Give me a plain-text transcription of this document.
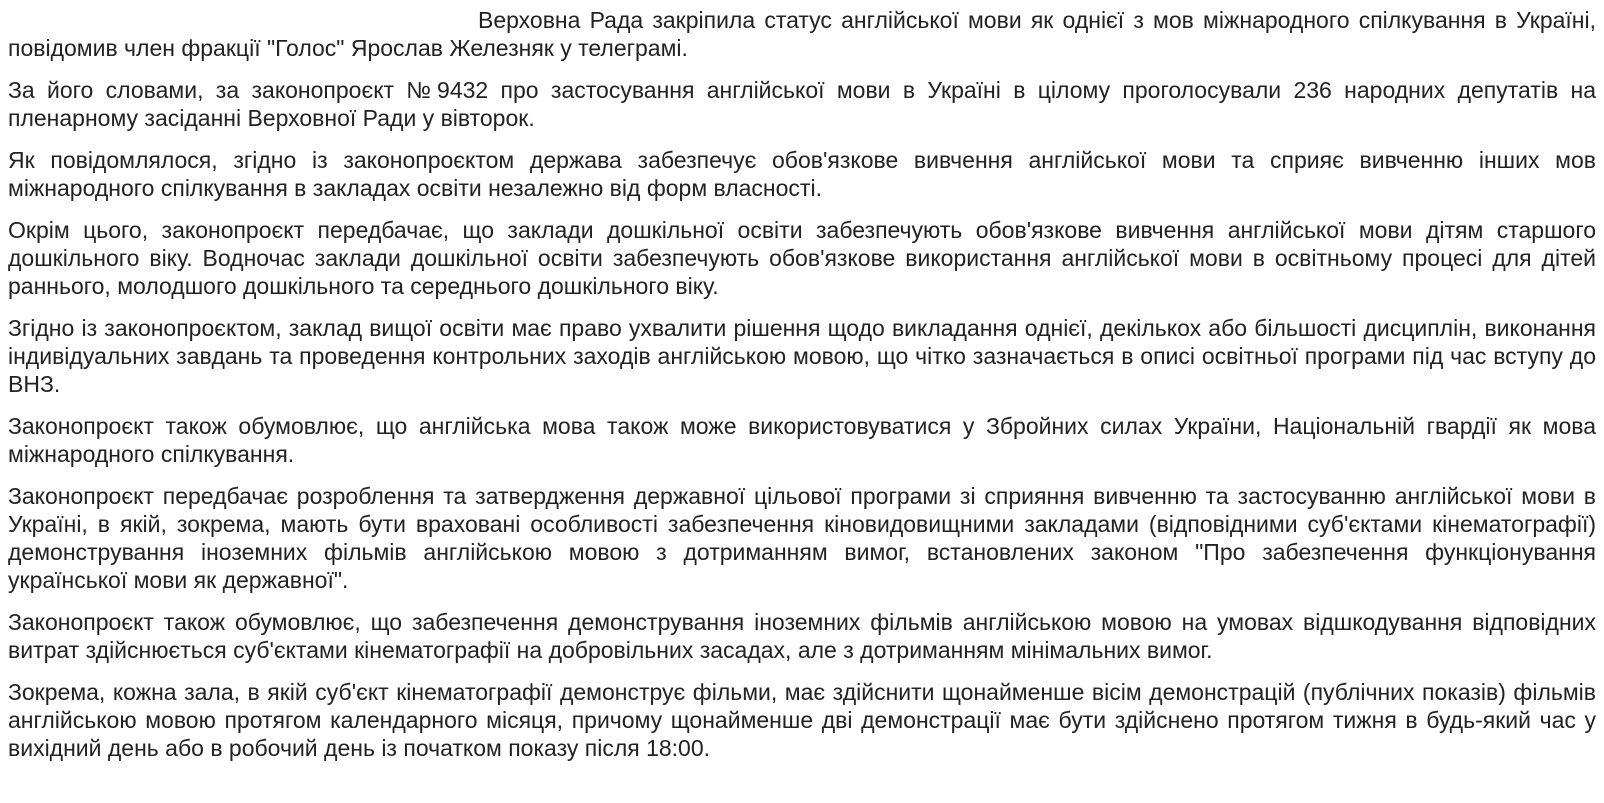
Верховна Рада закріпила статус англійської мови як однієї з мов міжнародного спілкування в Україні, повідомив член фракції "Голос" Ярослав Железняк у телеграмі.

За його словами, за законопроєкт №9432 про застосування англійської мови в Україні в цілому проголосували 236 народних депутатів на пленарному засіданні Верховної Ради у вівторок.

Як повідомлялося, згідно із законопроєктом держава забезпечує обов'язкове вивчення англійської мови та сприяє вивченню інших мов міжнародного спілкування в закладах освіти незалежно від форм власності.

Окрім цього, законопроєкт передбачає, що заклади дошкільної освіти забезпечують обов'язкове вивчення англійської мови дітям старшого дошкільного віку. Водночас заклади дошкільної освіти забезпечують обов'язкове використання англійської мови в освітньому процесі для дітей раннього, молодшого дошкільного та середнього дошкільного віку.

Згідно із законопроєктом, заклад вищої освіти має право ухвалити рішення щодо викладання однієї, декількох або більшості дисциплін, виконання індивідуальних завдань та проведення контрольних заходів англійською мовою, що чітко зазначається в описі освітньої програми під час вступу до ВНЗ.

Законопроєкт також обумовлює, що англійська мова також може використовуватися у Збройних силах України, Національній гвардії як мова міжнародного спілкування.

Законопроєкт передбачає розроблення та затвердження державної цільової програми зі сприяння вивченню та застосуванню англійської мови в Україні, в якій, зокрема, мають бути враховані особливості забезпечення кіновидовищними закладами (відповідними суб'єктами кінематографії) демонстрування іноземних фільмів англійською мовою з дотриманням вимог, встановлених законом "Про забезпечення функціонування української мови як державної".

Законопроєкт також обумовлює, що забезпечення демонстрування іноземних фільмів англійською мовою на умовах відшкодування відповідних витрат здійснюється суб'єктами кінематографії на добровільних засадах, але з дотриманням мінімальних вимог.

Зокрема, кожна зала, в якій суб'єкт кінематографії демонструє фільми, має здійснити щонайменше вісім демонстрацій (публічних показів) фільмів англійською мовою протягом календарного місяця, причому щонайменше дві демонстрації має бути здійснено протягом тижня в будь-який час у вихідний день або в робочий день із початком показу після 18:00.
